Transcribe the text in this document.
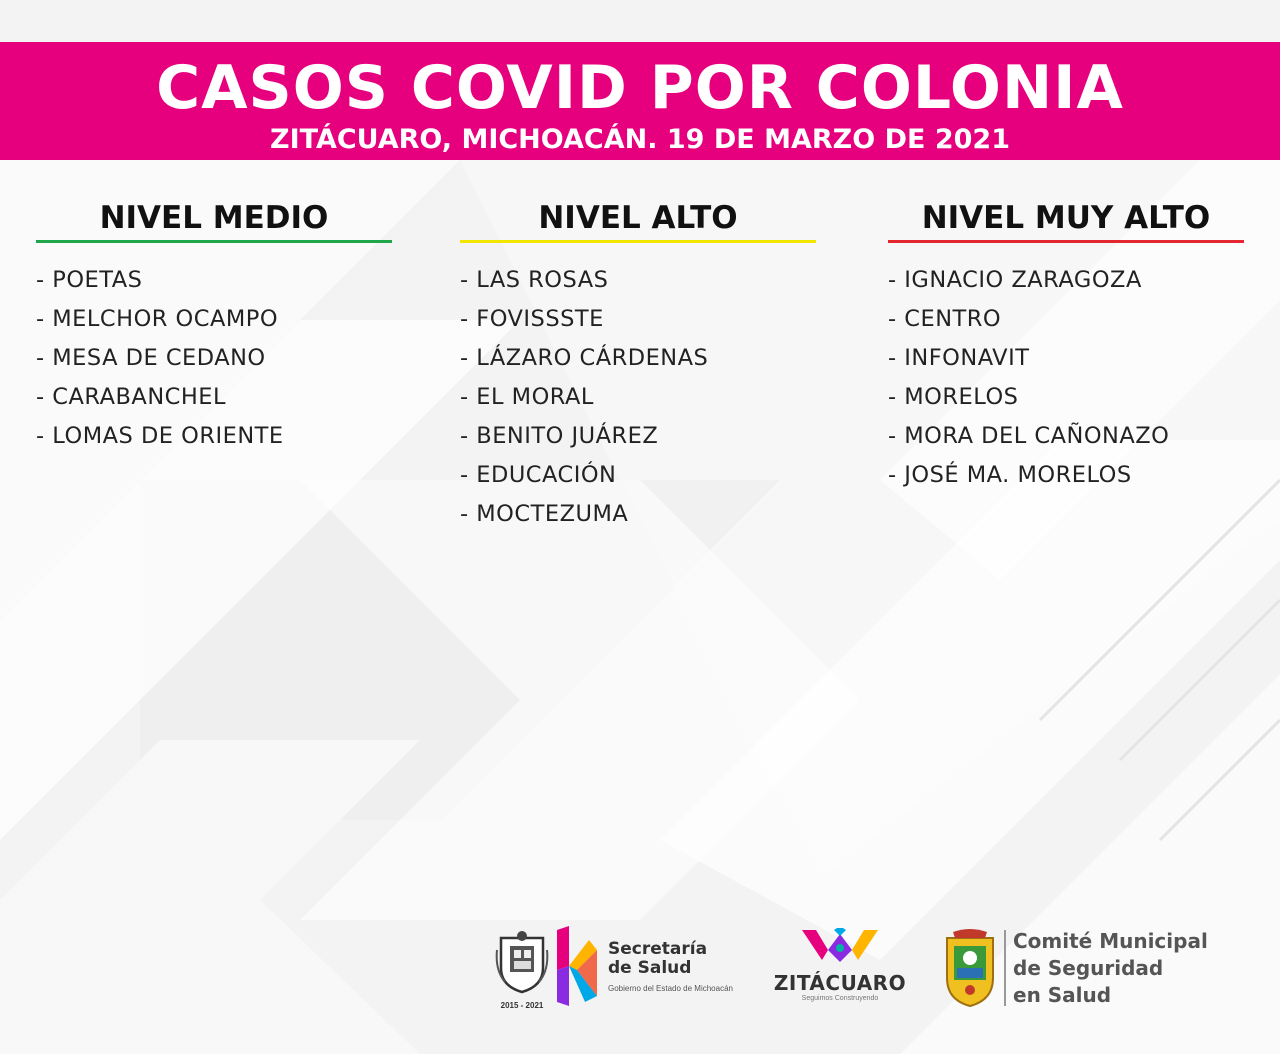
CASOS COVID POR COLONIA
ZITÁCUARO, MICHOACÁN. 19 DE MARZO DE 2021
NIVEL MEDIO
- POETAS
- MELCHOR OCAMPO
- MESA DE CEDANO
- CARABANCHEL
- LOMAS DE ORIENTE
NIVEL ALTO
- LAS ROSAS
- FOVISSSTE
- LÁZARO CÁRDENAS
- EL MORAL
- BENITO JUÁREZ
- EDUCACIÓN
- MOCTEZUMA
NIVEL MUY ALTO
- IGNACIO ZARAGOZA
- CENTRO
- INFONAVIT
- MORELOS
- MORA DEL CAÑONAZO
- JOSÉ MA. MORELOS
2015 - 2021
Secretaría
de Salud
Gobierno del Estado de Michoacán	ZITÁCUARO
Seguimos Construyendo
Comité Municipal
de Seguridad
en Salud
